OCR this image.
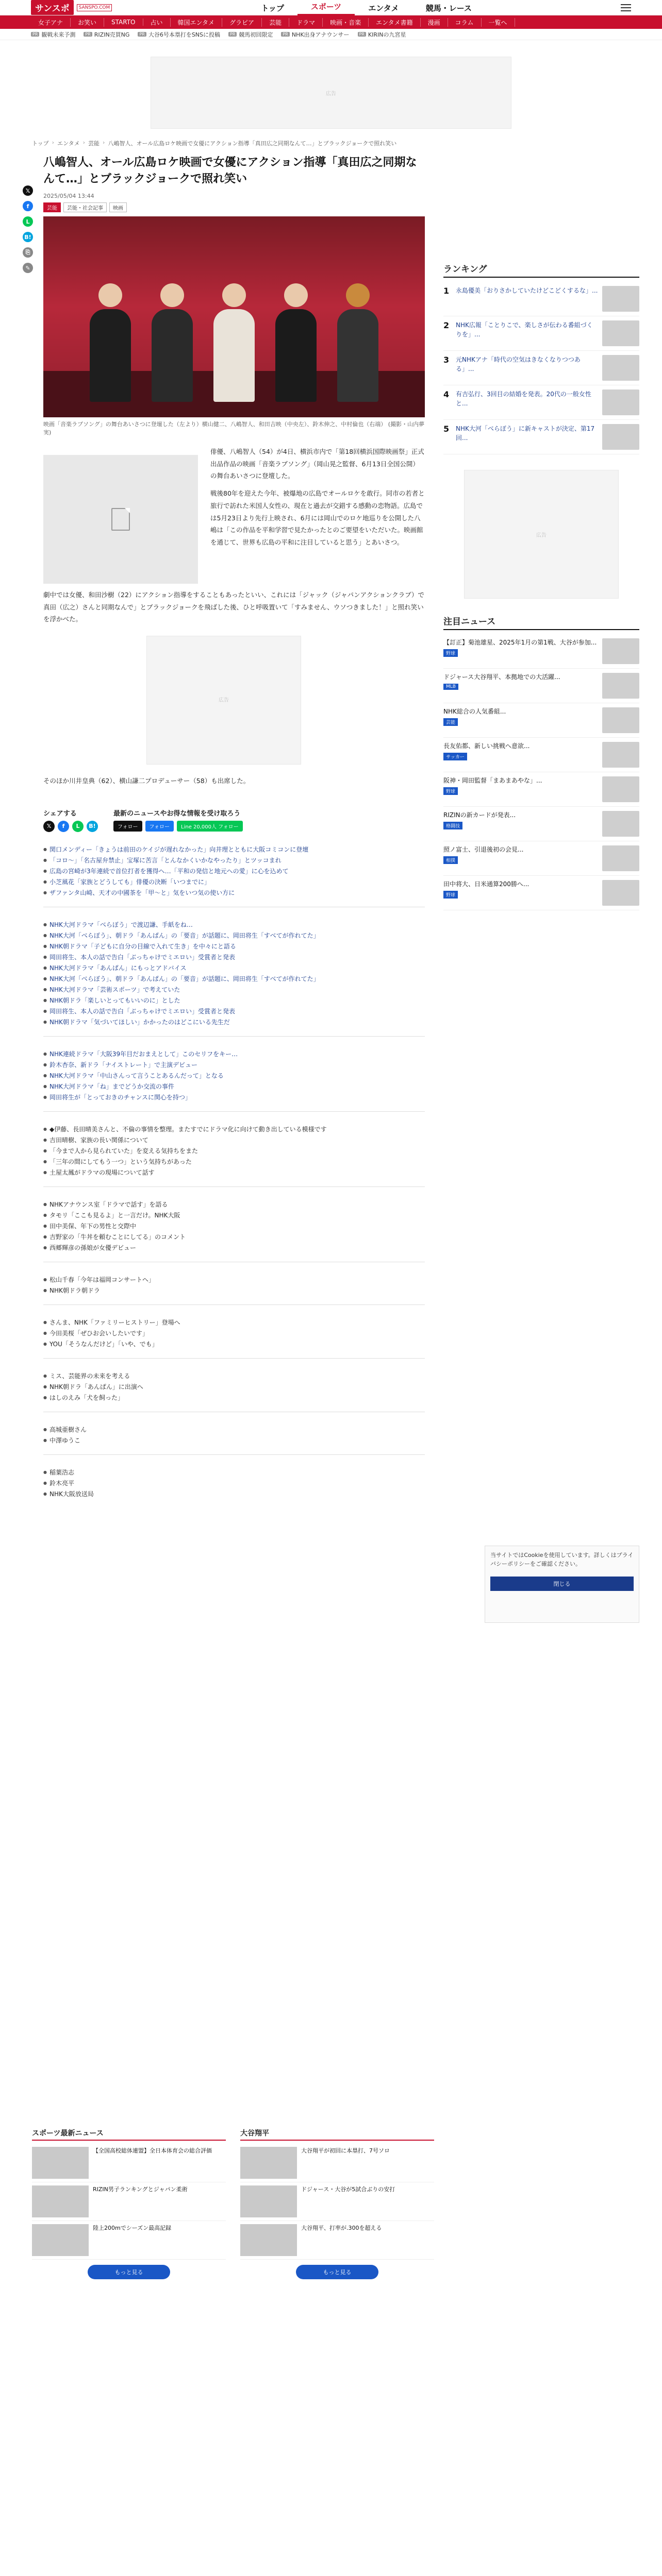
サンスポ	SANSPO.COM	トップ	スポーツ	エンタメ	競馬・レース
女子アナ	お笑い	STARTO	占い	韓国エンタメ	グラビア	芸能	ドラマ	映画・音楽	エンタメ書籍	漫画	コラム	一覧へ
PR 観戦未来予測	PR RIZIN売買NG	PR 大谷6号本塁打をSNSに投稿	PR 競馬初回限定	PR NHK出身アナウンサー	PR KIRINの九宮星
広告
トップ › エンタメ › 芸能 › 八嶋智人、オール広島ロケ映画で女優にアクション指導「真田広之同期なんて…」とブラックジョークで照れ笑い
𝕏
f
L
B!
⎘
✎
八嶋智人、オール広島ロケ映画で女優にアクション指導「真田広之同期なんて…」とブラックジョークで照れ笑い
2025/05/04 13:44
芸能	芸能・社会記事	映画
映画「音楽ラブソング」の舞台あいさつに登壇した（左より）横山健二、八嶋智人、和田吉映（中央左）、鈴木伸之、中村倫也（右端） (撮影・山内夢実)

俳優、八嶋智人（54）が4日、横浜市内で「第18回横浜国際映画祭」正式出品作品の映画「音楽ラブソング」（岡山晃之監督、6月13日全国公開）の舞台あいさつに登壇した。

戦後80年を迎えた今年、被爆地の広島でオールロケを敢行。同市の若者と旅行で訪れた米国人女性の、現在と過去が交錯する感動の恋物語。広島では5月23日より先行上映され、6月には岡山でのロケ地巡りを公開した八嶋は「この作品を平和学習で見たかったとのご要望をいただいた。映画館を通じて、世界も広島の平和に注目していると思う」とあいさつ。

劇中では女優、和田沙樹（22）にアクション指導をすることもあったといい、これには「ジャック（ジャパンアクションクラブ）で真田（広之）さんと同期なんで」とブラックジョークを飛ばした後、ひと呼吸置いて「すみません、ウソつきました！」と照れ笑いを浮かべた。

広告

そのほか川井皇典（62）、横山謙二プロデューサー（58）も出席した。

シェアする
𝕏	f	L	B!
最新のニュースやお得な情報を受け取ろう
フォロー	フォロー	Line 20,000人 フォロー
● 関口メンディー「きょうは前田のケイジが遅れなかった」向井理とともに大阪コミコンに登壇
● 「コロ～」「名古屋弁禁止」宝塚に苦言「とんなかくいかなやったり」とツッコまれ
● 広島の宮崎が3年連続で首位打者を獲得へ…「平和の発信と地元への愛」に心を込めて
● 小芝風花「家族とどうしても」俳優の決断「いつまでに」
● ザファンタ山崎、天才の中國茶を「甲～と」気をいつ気の使い方に
● NHK大河ドラマ「べらぼう」で渡辺謙、手紙をね…
● NHK大河「べらぼう」、朝ドラ「あんぱん」の「要音」が話題に、岡田将生「すべてが作れてた」
● NHK朝ドラマ「子どもに自分の目線で入れて生き」を中々にと語る
● 岡田将生、本人の話で告白「ぶっちゃけでミエロい」受賞者と発表
● NHK大河ドラマ「あんぱん」にもっとアドバイス
● NHK大河「べらぼう」、朝ドラ「あんぱん」の「要音」が話題に、岡田将生「すべてが作れてた」
● NHK大河ドラマ「芸術スポーツ」で考えていた
● NHK朝ドラ「楽しいとってもいいのに」とした
● 岡田将生、本人の話で告白「ぶっちゃけでミエロい」受賞者と発表
● NHK朝ドラマ「気づいてほしい」かかったのはどこにいる先生だ
● NHK連続ドラマ「大阪39年目だおまえとして」このセリフをキー…
● 鈴木杏奈、新ドラ「ナイストレート」で主演デビュー
● NHK大河ドラマ「中山さんって言うことあるんだって」となる
● NHK大河ドラマ「ね」までどうか交流の事件
● 岡田将生が「とっておきのチャンスに関心を持つ」
● ◆伊藤、長田晴美さんと、不倫の事情を整理。またすでにドラマ化に向けて動き出している模様です
● 吉田晴樹、家族の長い関係について
● 「今まで人から見られていた」を変える気持ちをまた
● 「三年の間にしてもう一つ」という気持ちがあった
● 土屋太鳳がドラマの現場について話す
● NHKアナウンス室「ドラマで話す」を語る
● タモリ「ここも見るよ」と一言だけ。NHK大阪
● 田中美保、年下の男性と交際中
● 吉野家の「牛丼を頼むことにしてる」のコメント
● 西郷輝彦の孫娘が女優デビュー
● 松山千春「今年は福岡コンサートへ」
● NHK朝ドラ朝ドラ
● さんま、NHK「ファミリーヒストリー」登場へ
● 今田美桜「ぜひお会いしたいです」
● YOU「そうなんだけど」「いや、でも」
● ミス、芸能界の未来を考える
● NHK朝ドラ「あんぱん」に出演へ
● はしのえみ「犬を飼った」
● 高城亜樹さん
● 中澤ゆうこ
● 稲葉浩志
● 鈴木亮平
● NHK大阪放送局
ランキング
1	永島優美「おりさかしていたけどこどくするな」...
2	NHK広報「ことりこで、楽しさが伝わる番組づくりを」...
3	元NHKアナ「時代の空気はきなくなりつつある」...
4	有吉弘行、3回目の結婚を発表。20代の一般女性と...
5	NHK大河「べらぼう」に新キャストが決定、第17回...
広告
注目ニュース
【訂正】菊池雄星、2025年1月の第1戦、大谷が参加...
野球
ドジャース大谷翔平、本拠地での大活躍...
MLB
NHK総合の人気番組...
芸能
長友佑都、新しい挑戦へ意欲...
サッカー
阪神・岡田監督「まあまあやな」...
野球
RIZINの新カードが発表...
格闘技
照ノ富士、引退後初の会見...
相撲
田中将大、日米通算200勝へ...
野球
当サイトではCookieを使用しています。詳しくはプライバシーポリシーをご確認ください。
閉じる
スポーツ最新ニュース
【全国高校総体連盟】全日本体育会の総合評価
RIZIN男子ランキングとジャパン柔術
陸上200mでシーズン最高記録
もっと見る
大谷翔平
大谷翔平が初回に本塁打、7号ソロ
ドジャース・大谷が5試合ぶりの安打
大谷翔平、打率が.300を超える
もっと見る
